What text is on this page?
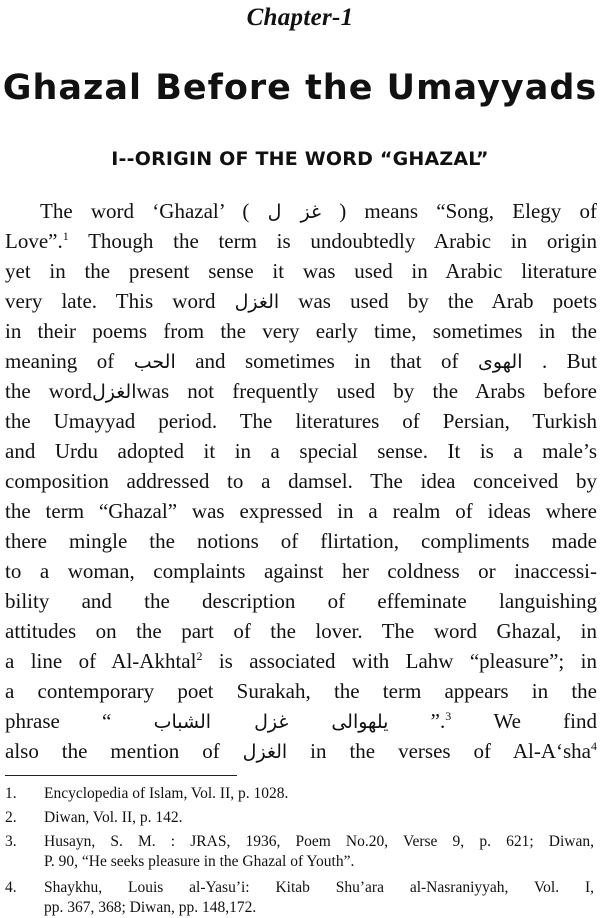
Chapter-1
Ghazal Before the Umayyads
I--ORIGIN OF THE WORD “GHAZAL”
The word ‘Ghazal’ ( غز ل ) means “Song, Elegy of
Love”.$^1$ Though the term is undoubtedly Arabic in origin
yet in the present sense it was used in Arabic literature
very late. This word الغزل was used by the Arab poets
in their poems from the very early time, sometimes in the
meaning of الحب and sometimes in that of الهوى . But
the wordالغزلwas not frequently used by the Arabs before
the Umayyad period. The literatures of Persian, Turkish
and Urdu adopted it in a special sense. It is a male’s
composition addressed to a damsel. The idea conceived by
the term “Ghazal” was expressed in a realm of ideas where
there mingle the notions of flirtation, compliments made
to a woman, complaints against her coldness or inaccessi-
bility and the description of effeminate languishing
attitudes on the part of the lover. The word Ghazal, in
a line of Al-Akhtal$^2$ is associated with Lahw “pleasure”; in
a contemporary poet Surakah, the term appears in the
phrase “ يلهوالى غزل الشباب ”.$^3$ We find
also the mention of الغزل in the verses of Al-A‘sha$^4$
1. Encyclopedia of Islam, Vol. II, p. 1028.
2. Diwan, Vol. II, p. 142.
3. Husayn, S. M. : JRAS, 1936, Poem No.20, Verse 9, p. 621; Diwan,
P. 90, “He seeks pleasure in the Ghazal of Youth”.
4. Shaykhu, Louis al-Yasu’i: Kitab Shu’ara al-Nasraniyyah, Vol. I,
pp. 367, 368; Diwan, pp. 148,172.
